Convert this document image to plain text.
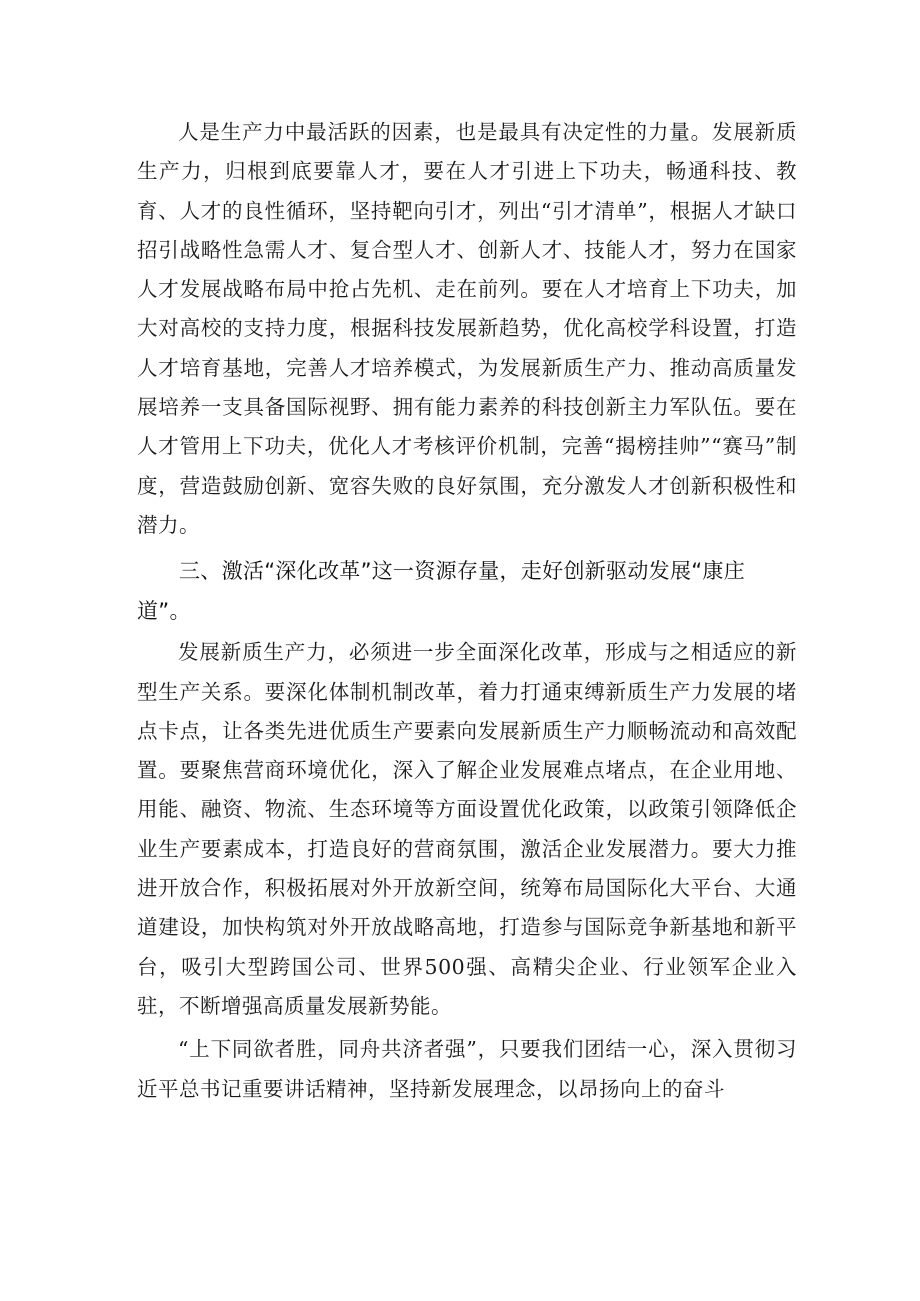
人是生产力中最活跃的因素，也是最具有决定性的力量。发展新质生产力，归根到底要靠人才，要在人才引进上下功夫，畅通科技、教育、人才的良性循环，坚持靶向引才，列出“引才清单”，根据人才缺口招引战略性急需人才、复合型人才、创新人才、技能人才，努力在国家人才发展战略布局中抢占先机、走在前列。要在人才培育上下功夫，加大对高校的支持力度，根据科技发展新趋势，优化高校学科设置，打造人才培育基地，完善人才培养模式，为发展新质生产力、推动高质量发展培养一支具备国际视野、拥有能力素养的科技创新主力军队伍。要在人才管用上下功夫，优化人才考核评价机制，完善“揭榜挂帅”“赛马”制度，营造鼓励创新、宽容失败的良好氛围，充分激发人才创新积极性和潜力。

三、激活“深化改革”这一资源存量，走好创新驱动发展“康庄道”。

发展新质生产力，必须进一步全面深化改革，形成与之相适应的新型生产关系。要深化体制机制改革，着力打通束缚新质生产力发展的堵点卡点，让各类先进优质生产要素向发展新质生产力顺畅流动和高效配置。要聚焦营商环境优化，深入了解企业发展难点堵点，在企业用地、用能、融资、物流、生态环境等方面设置优化政策，以政策引领降低企业生产要素成本，打造良好的营商氛围，激活企业发展潜力。要大力推进开放合作，积极拓展对外开放新空间，统筹布局国际化大平台、大通道建设，加快构筑对外开放战略高地，打造参与国际竞争新基地和新平台，吸引大型跨国公司、世界500强、高精尖企业、行业领军企业入驻，不断增强高质量发展新势能。

“上下同欲者胜，同舟共济者强”，只要我们团结一心，深入贯彻习近平总书记重要讲话精神，坚持新发展理念，以昂扬向上的奋斗
